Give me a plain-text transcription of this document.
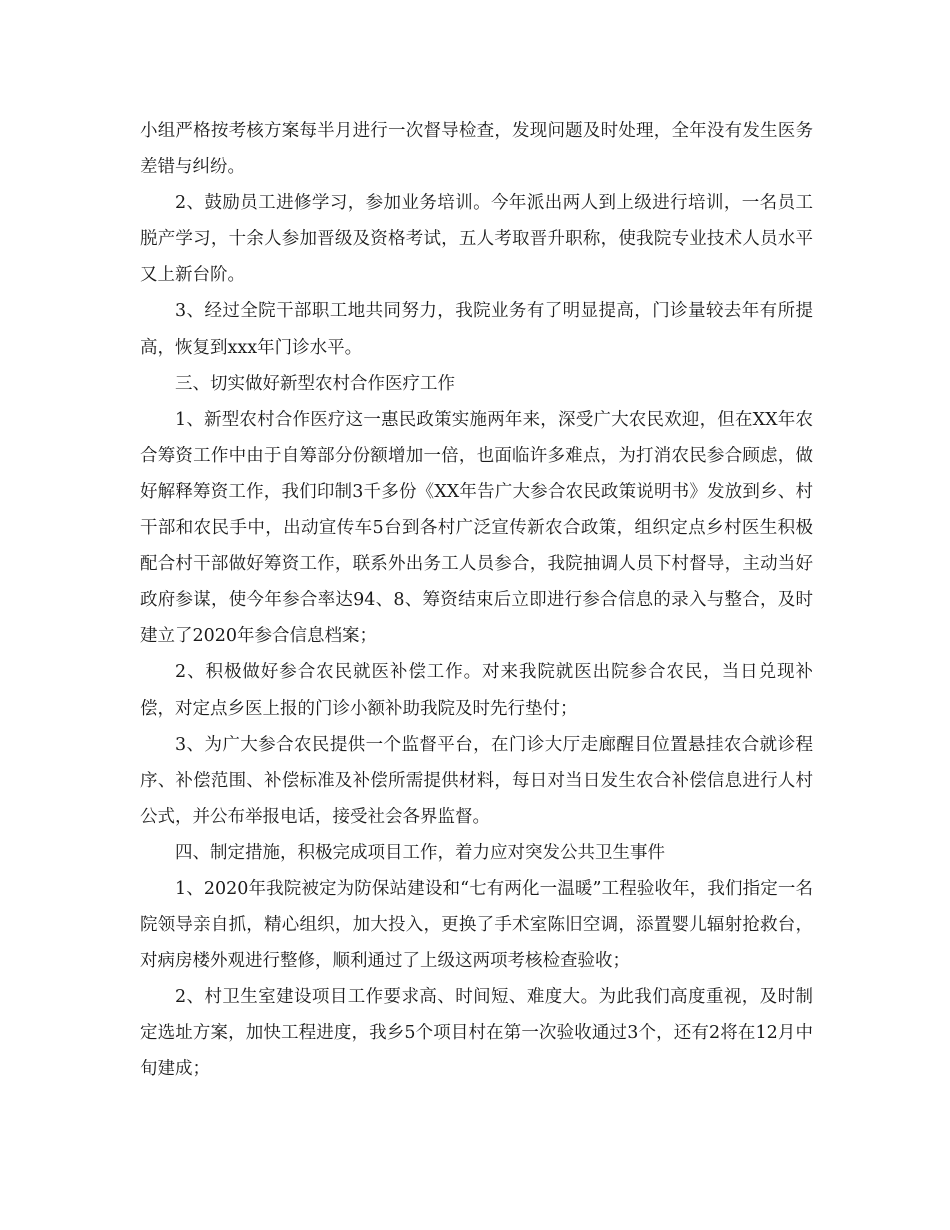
小组严格按考核方案每半月进行一次督导检查，发现问题及时处理，全年没有发生医务差错与纠纷。

2、鼓励员工进修学习，参加业务培训。今年派出两人到上级进行培训，一名员工脱产学习，十余人参加晋级及资格考试，五人考取晋升职称，使我院专业技术人员水平又上新台阶。

3、经过全院干部职工地共同努力，我院业务有了明显提高，门诊量较去年有所提高，恢复到xxx年门诊水平。

三、切实做好新型农村合作医疗工作

1、新型农村合作医疗这一惠民政策实施两年来，深受广大农民欢迎，但在XX年农合筹资工作中由于自筹部分份额增加一倍，也面临许多难点，为打消农民参合顾虑，做好解释筹资工作，我们印制3千多份《XX年告广大参合农民政策说明书》发放到乡、村干部和农民手中，出动宣传车5台到各村广泛宣传新农合政策，组织定点乡村医生积极配合村干部做好筹资工作，联系外出务工人员参合，我院抽调人员下村督导，主动当好政府参谋，使今年参合率达94、8、筹资结束后立即进行参合信息的录入与整合，及时建立了2020年参合信息档案；

2、积极做好参合农民就医补偿工作。对来我院就医出院参合农民，当日兑现补偿，对定点乡医上报的门诊小额补助我院及时先行垫付；

3、为广大参合农民提供一个监督平台，在门诊大厅走廊醒目位置悬挂农合就诊程序、补偿范围、补偿标准及补偿所需提供材料，每日对当日发生农合补偿信息进行人村公式，并公布举报电话，接受社会各界监督。

四、制定措施，积极完成项目工作，着力应对突发公共卫生事件

1、2020年我院被定为防保站建设和“七有两化一温暖”工程验收年，我们指定一名院领导亲自抓，精心组织，加大投入，更换了手术室陈旧空调，添置婴儿辐射抢救台，对病房楼外观进行整修，顺利通过了上级这两项考核检查验收；

2、村卫生室建设项目工作要求高、时间短、难度大。为此我们高度重视，及时制定选址方案，加快工程进度，我乡5个项目村在第一次验收通过3个，还有2将在12月中旬建成；
